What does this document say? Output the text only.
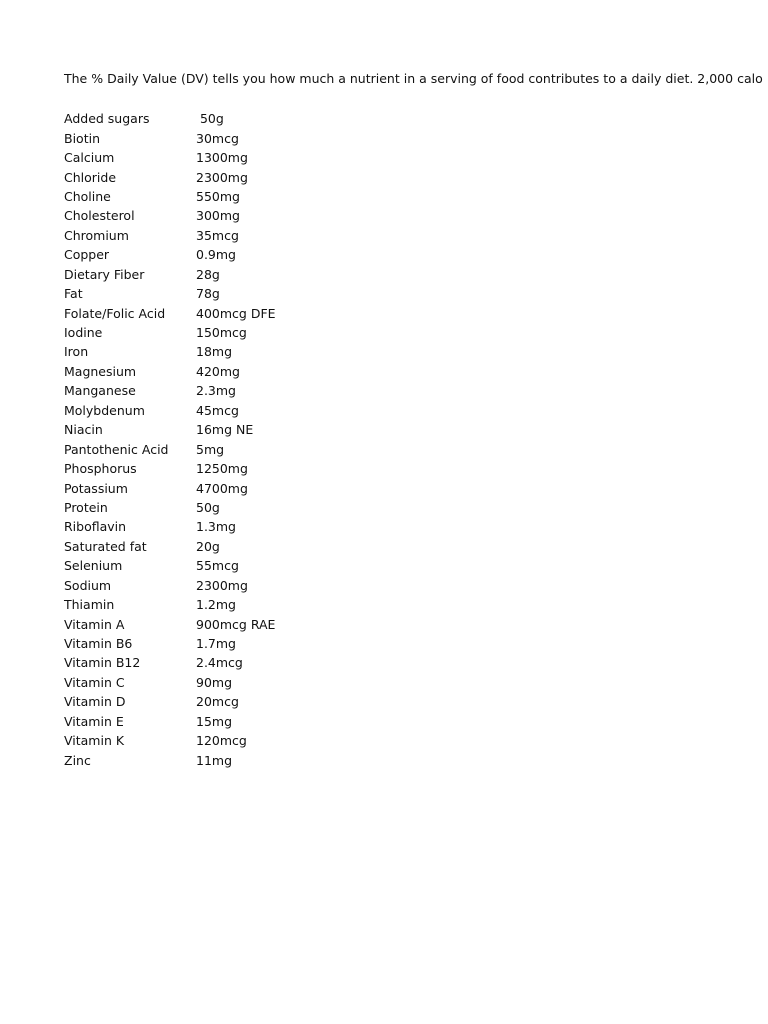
The % Daily Value (DV) tells you how much a nutrient in a serving of food contributes to a daily diet. 2,000 calo
Added sugars	50g
Biotin	30mcg
Calcium	1300mg
Chloride	2300mg
Choline	550mg
Cholesterol	300mg
Chromium	35mcg
Copper	0.9mg
Dietary Fiber	28g
Fat	78g
Folate/Folic Acid	400mcg DFE
Iodine	150mcg
Iron	18mg
Magnesium	420mg
Manganese	2.3mg
Molybdenum	45mcg
Niacin	16mg NE
Pantothenic Acid	5mg
Phosphorus	1250mg
Potassium	4700mg
Protein	50g
Riboflavin	1.3mg
Saturated fat	20g
Selenium	55mcg
Sodium	2300mg
Thiamin	1.2mg
Vitamin A	900mcg RAE
Vitamin B6	1.7mg
Vitamin B12	2.4mcg
Vitamin C	90mg
Vitamin D	20mcg
Vitamin E	15mg
Vitamin K	120mcg
Zinc	11mg
